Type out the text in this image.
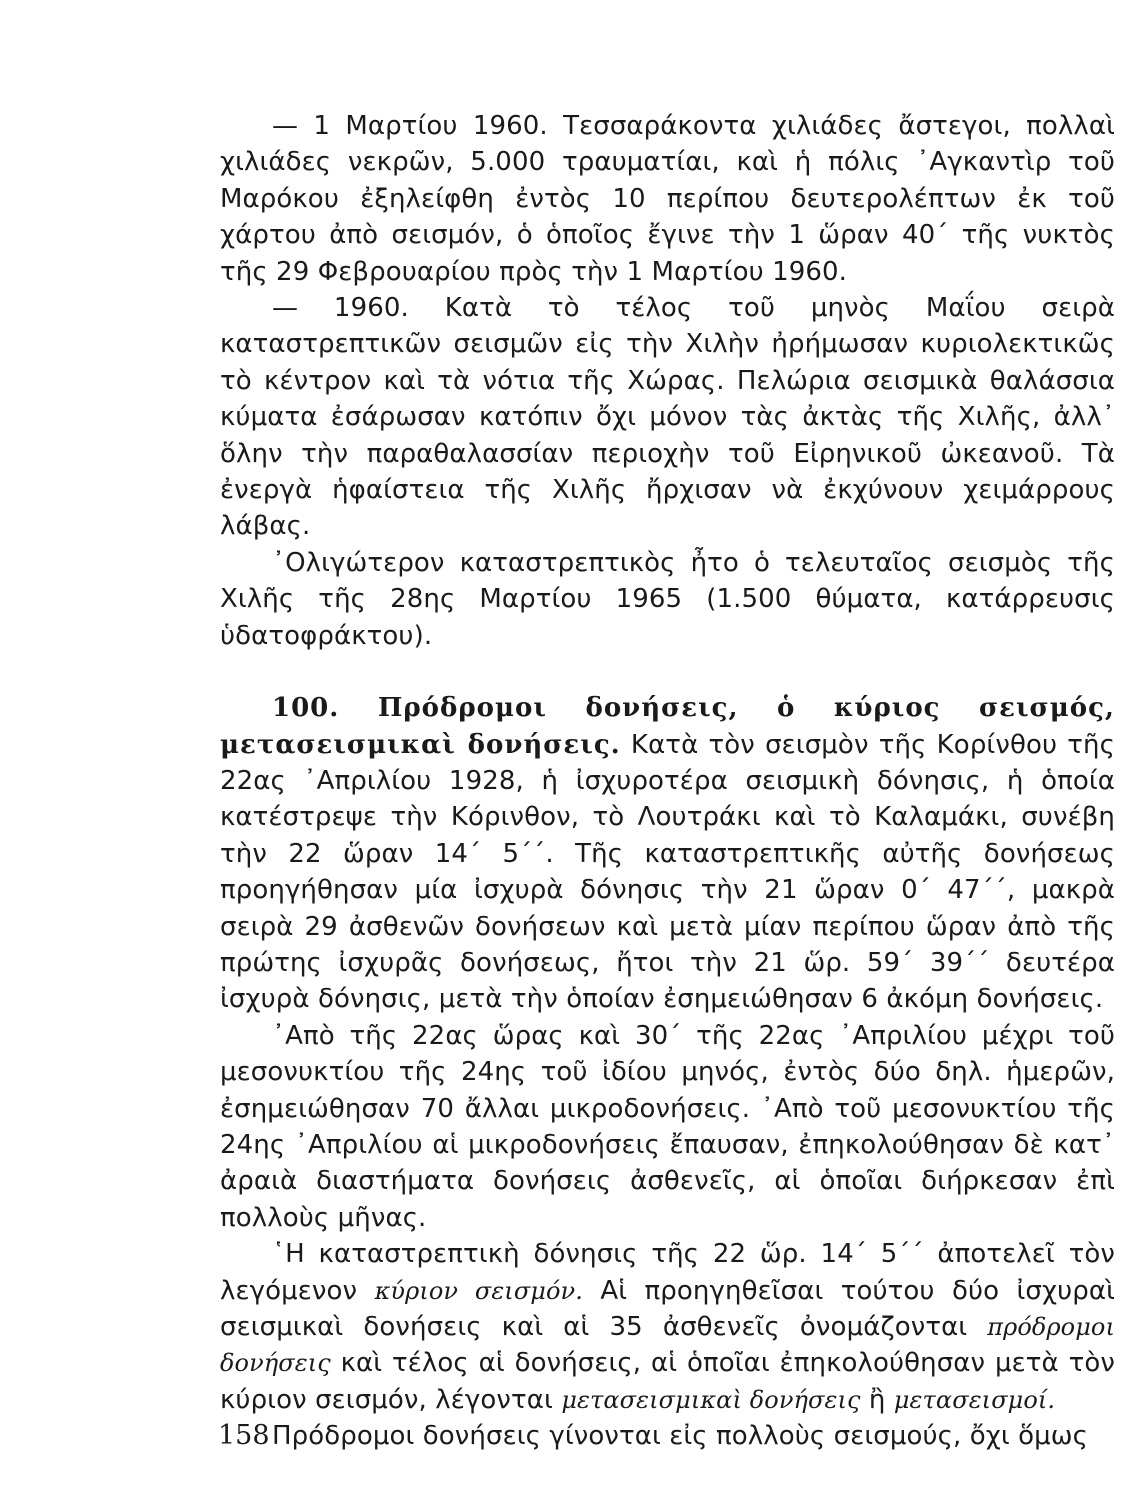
— 1 Μαρτίου 1960. Τεσσαράκοντα χιλιάδες ἄστεγοι, πολλαὶ χιλιάδες νεκρῶν, 5.000 τραυματίαι, καὶ ἡ πόλις ᾽Αγκαντὶρ τοῦ Μαρόκου ἐξηλείφθη ἐντὸς 10 περίπου δευτερολέπτων ἐκ τοῦ χάρτου ἀπὸ σεισμόν, ὁ ὁποῖος ἔγινε τὴν 1 ὥραν 40΄ τῆς νυκτὸς τῆς 29 Φεβρουαρίου πρὸς τὴν 1 Μαρτίου 1960.

— 1960. Κατὰ τὸ τέλος τοῦ μηνὸς Μαΐου σειρὰ καταστρεπτικῶν σεισμῶν εἰς τὴν Χιλὴν ἠρήμωσαν κυριολεκτικῶς τὸ κέντρον καὶ τὰ νότια τῆς Χώρας. Πελώρια σεισμικὰ θαλάσσια κύματα ἐσάρωσαν κατόπιν ὄχι μόνον τὰς ἀκτὰς τῆς Χιλῆς, ἀλλ᾽ ὅλην τὴν παραθαλασσίαν περιοχὴν τοῦ Εἰρηνικοῦ ὠκεανοῦ. Τὰ ἐνεργὰ ἡφαίστεια τῆς Χιλῆς ἤρχισαν νὰ ἐκχύνουν χειμάρρους λάβας.

᾽Ολιγώτερον καταστρεπτικὸς ἦτο ὁ τελευταῖος σεισμὸς τῆς Χιλῆς τῆς 28ης Μαρτίου 1965 (1.500 θύματα, κατάρρευσις ὑδατοφράκτου).

100. Πρόδρομοι δονήσεις, ὁ κύριος σεισμός, μετασεισμικαὶ δονήσεις. Κατὰ τὸν σεισμὸν τῆς Κορίνθου τῆς 22ας ᾽Απριλίου 1928, ἡ ἰσχυροτέρα σεισμικὴ δόνησις, ἡ ὁποία κατέστρεψε τὴν Κόρινθον, τὸ Λουτράκι καὶ τὸ Καλαμάκι, συνέβη τὴν 22 ὥραν 14΄ 5΄΄. Τῆς καταστρεπτικῆς αὐτῆς δονήσεως προηγήθησαν μία ἰσχυρὰ δόνησις τὴν 21 ὥραν 0΄ 47΄΄, μακρὰ σειρὰ 29 ἀσθενῶν δονήσεων καὶ μετὰ μίαν περίπου ὥραν ἀπὸ τῆς πρώτης ἰσχυρᾶς δονήσεως, ἤτοι τὴν 21 ὥρ. 59΄ 39΄΄ δευτέρα ἰσχυρὰ δόνησις, μετὰ τὴν ὁποίαν ἐσημειώθησαν 6 ἀκόμη δονήσεις.

᾽Απὸ τῆς 22ας ὥρας καὶ 30΄ τῆς 22ας ᾽Απριλίου μέχρι τοῦ μεσονυκτίου τῆς 24ης τοῦ ἰδίου μηνός, ἐντὸς δύο δηλ. ἡμερῶν, ἐσημειώθησαν 70 ἄλλαι μικροδονήσεις. ᾽Απὸ τοῦ μεσονυκτίου τῆς 24ης ᾽Απριλίου αἱ μικροδονήσεις ἔπαυσαν, ἐπηκολούθησαν δὲ κατ᾽ ἀραιὰ διαστήματα δονήσεις ἀσθενεῖς, αἱ ὁποῖαι διήρκεσαν ἐπὶ πολλοὺς μῆνας.

῾Η καταστρεπτικὴ δόνησις τῆς 22 ὥρ. 14΄ 5΄΄ ἀποτελεῖ τὸν λεγόμενον κύριον σεισμόν. Αἱ προηγηθεῖσαι τούτου δύο ἰσχυραὶ σεισμικαὶ δονήσεις καὶ αἱ 35 ἀσθενεῖς ὀνομάζονται πρόδρομοι δονήσεις καὶ τέλος αἱ δονήσεις, αἱ ὁποῖαι ἐπηκολούθησαν μετὰ τὸν κύριον σεισμόν, λέγονται μετασεισμικαὶ δονήσεις ἢ μετασεισμοί.

Πρόδρομοι δονήσεις γίνονται εἰς πολλοὺς σεισμούς, ὄχι ὅμως

158
